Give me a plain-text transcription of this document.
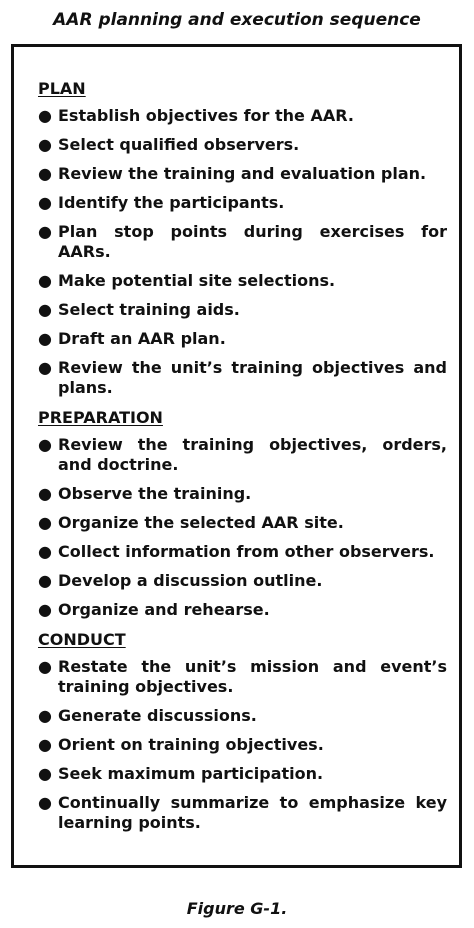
AAR planning and execution sequence
PLAN
● Establish objectives for the AAR.
● Select qualified observers.
● Review the training and evaluation plan.
● Identify the participants.
● Plan stop points during exercises for AARs.
● Make potential site selections.
● Select training aids.
● Draft an AAR plan.
● Review the unit’s training objectives and plans.
PREPARATION
● Review the training objectives, orders, and doctrine.
● Observe the training.
● Organize the selected AAR site.
● Collect information from other observers.
● Develop a discussion outline.
● Organize and rehearse.
CONDUCT
● Restate the unit’s mission and event’s training objectives.
● Generate discussions.
● Orient on training objectives.
● Seek maximum participation.
● Continually summarize to emphasize key learning points.
Figure G-1.
